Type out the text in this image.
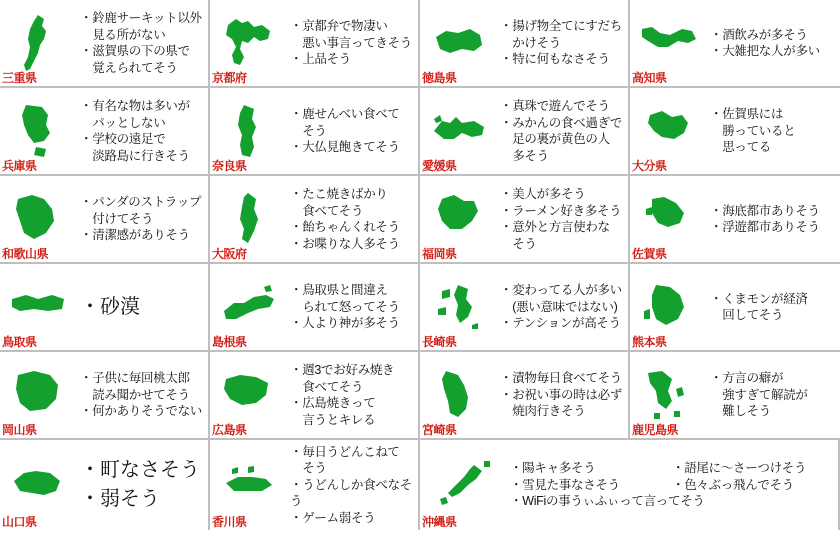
三重県
・鈴鹿サーキット以外
　見る所がない
・滋賀県の下の県で
　覚えられてそう
京都府
・京都弁で物凄い
　悪い事言ってきそう
・上品そう
徳島県
・揚げ物全てにすだち
　かけそう
・特に何もなさそう
高知県
・酒飲みが多そう
・大雑把な人が多い
兵庫県
・有名な物は多いが
　パッとしない
・学校の遠足で
　淡路島に行きそう
奈良県
・鹿せんべい食べて
　そう
・大仏見飽きてそう
愛媛県
・真珠で遊んでそう
・みかんの食べ過ぎで
　足の裏が黄色の人
　多そう
大分県
・佐賀県には
　勝っていると
　思ってる
和歌山県
・パンダのストラップ
　付けてそう
・清潔感がありそう
大阪府
・たこ焼きばかり
　食べてそう
・飴ちゃんくれそう
・お喋りな人多そう
福岡県
・美人が多そう
・ラーメン好き多そう
・意外と方言使わな
　そう
佐賀県
・海底都市ありそう
・浮遊都市ありそう
鳥取県
・砂漠
島根県
・鳥取県と間違え
　られて怒ってそう
・人より神が多そう
長崎県
・変わってる人が多い
　(悪い意味ではない)
・テンションが高そう
熊本県
・くまモンが経済
　回してそう
岡山県
・子供に毎回桃太郎
　読み聞かせてそう
・何かありそうでない
広島県
・週3でお好み焼き
　食べてそう
・広島焼きって
　言うとキレる
宮崎県
・漬物毎日食べてそう
・お祝い事の時は必ず
　焼肉行きそう
鹿児島県
・方言の癖が
　強すぎて解読が
　難しそう
山口県
・町なさそう
・弱そう
香川県
・毎日うどんこねて
　そう
・うどんしか食べなそう
・ゲーム弱そう	沖縄県
・陽キャ多そう
・雪見た事なさそう
・語尾に～さーつけそう
・色々ぶっ飛んでそう
・WiFiの事うぃふぃって言ってそう
